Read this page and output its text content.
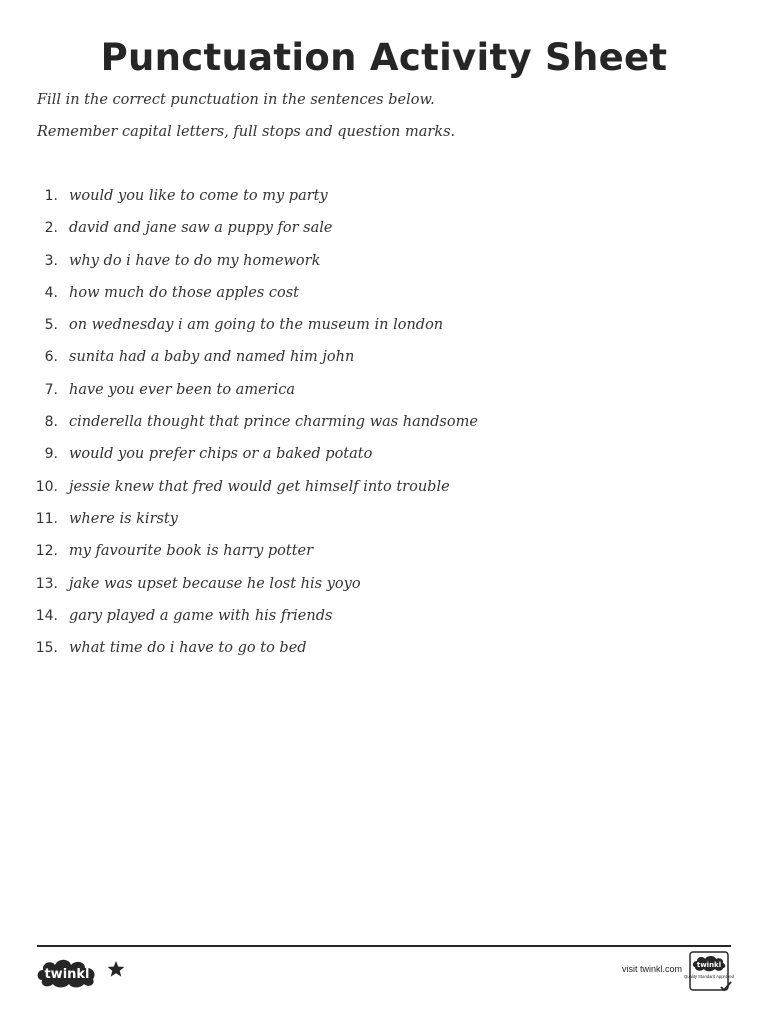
Punctuation Activity Sheet

Fill in the correct punctuation in the sentences below.

Remember capital letters, full stops and question marks.

1. would you like to come to my party
2. david and jane saw a puppy for sale
3. why do i have to do my homework
4. how much do those apples cost
5. on wednesday i am going to the museum in london
6. sunita had a baby and named him john
7. have you ever been to america
8. cinderella thought that prince charming was handsome
9. would you prefer chips or a baked potato
10. jessie knew that fred would get himself into trouble
11. where is kirsty
12. my favourite book is harry potter
13. jake was upset because he lost his yoyo
14. gary played a game with his friends
15. what time do i have to go to bed
twinkl	visit twinkl.com twinkl
Quality Standard Approved
